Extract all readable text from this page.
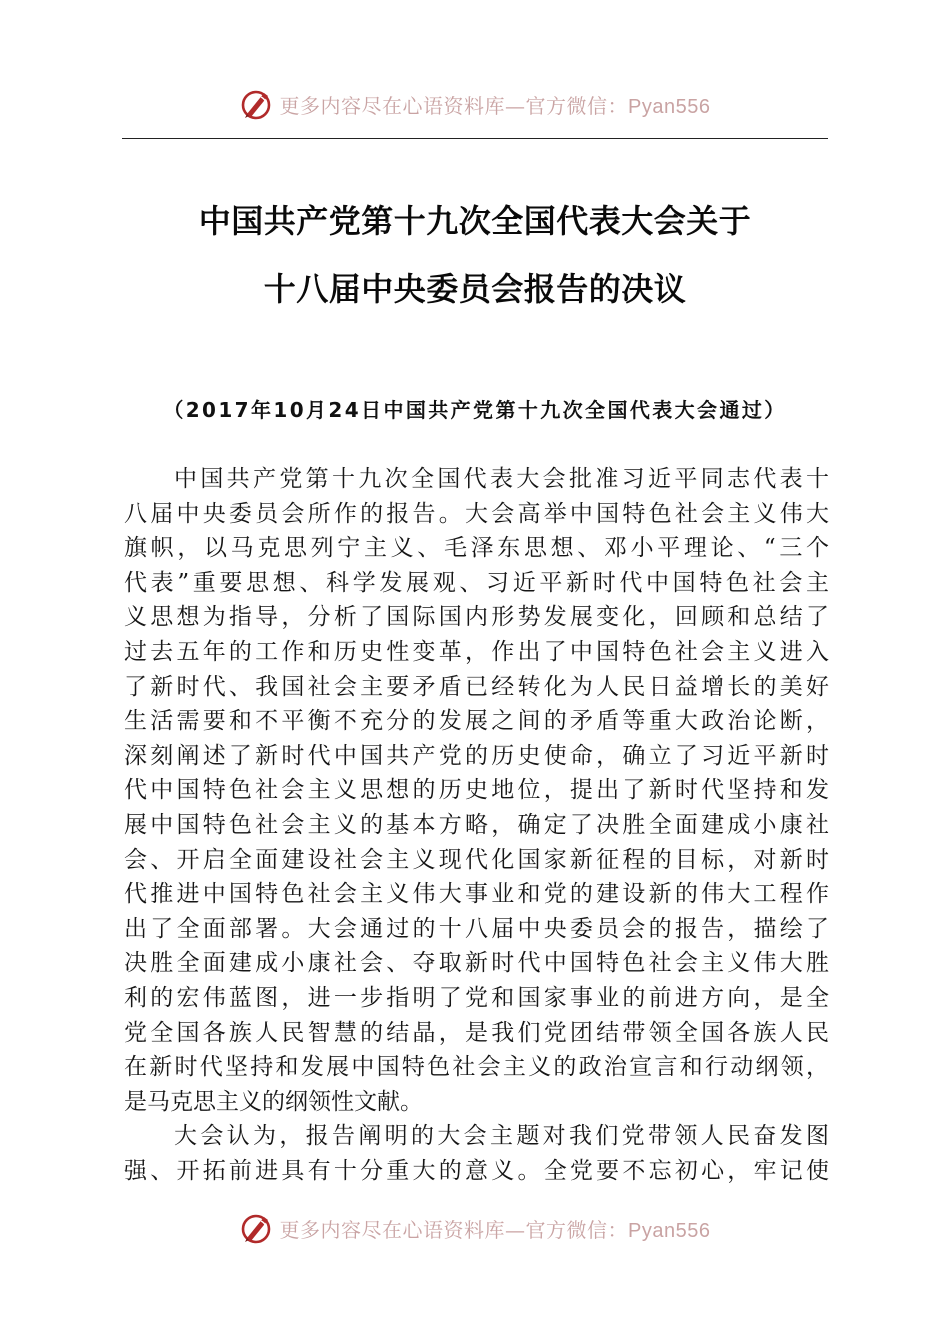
更多内容尽在心语资料库—官方微信：Pyan556
中国共产党第十九次全国代表大会关于
十八届中央委员会报告的决议
（2017年10月24日中国共产党第十九次全国代表大会通过）
中国共产党第十九次全国代表大会批准习近平同志代表十
八届中央委员会所作的报告。大会高举中国特色社会主义伟大
旗帜，以马克思列宁主义、毛泽东思想、邓小平理论、“三个
代表”重要思想、科学发展观、习近平新时代中国特色社会主
义思想为指导，分析了国际国内形势发展变化，回顾和总结了
过去五年的工作和历史性变革，作出了中国特色社会主义进入
了新时代、我国社会主要矛盾已经转化为人民日益增长的美好
生活需要和不平衡不充分的发展之间的矛盾等重大政治论断，
深刻阐述了新时代中国共产党的历史使命，确立了习近平新时
代中国特色社会主义思想的历史地位，提出了新时代坚持和发
展中国特色社会主义的基本方略，确定了决胜全面建成小康社
会、开启全面建设社会主义现代化国家新征程的目标，对新时
代推进中国特色社会主义伟大事业和党的建设新的伟大工程作
出了全面部署。大会通过的十八届中央委员会的报告，描绘了
决胜全面建成小康社会、夺取新时代中国特色社会主义伟大胜
利的宏伟蓝图，进一步指明了党和国家事业的前进方向，是全
党全国各族人民智慧的结晶，是我们党团结带领全国各族人民
在新时代坚持和发展中国特色社会主义的政治宣言和行动纲领，
是马克思主义的纲领性文献。
大会认为，报告阐明的大会主题对我们党带领人民奋发图
强、开拓前进具有十分重大的意义。全党要不忘初心，牢记使
更多内容尽在心语资料库—官方微信：Pyan556
